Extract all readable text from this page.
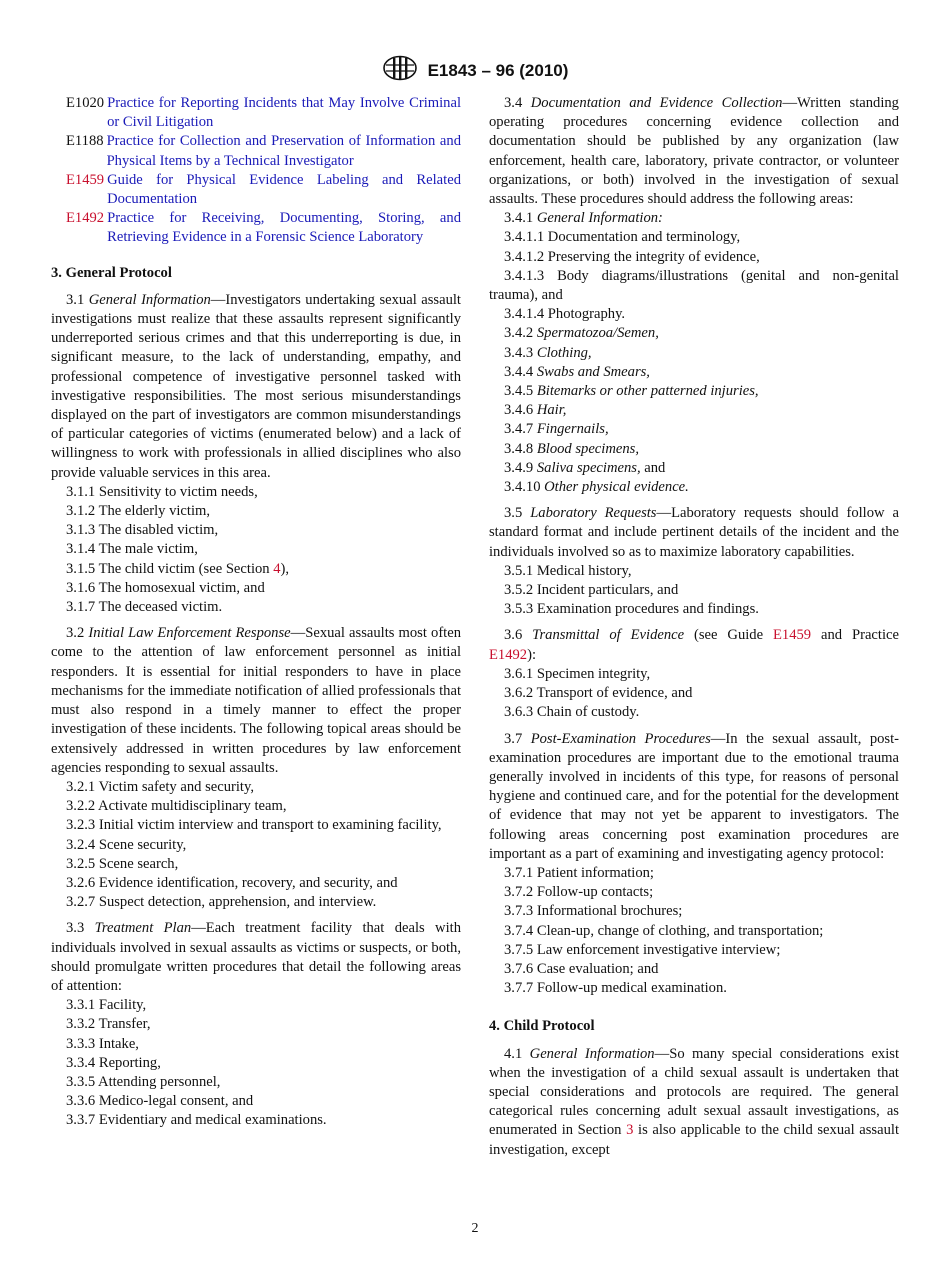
E1843 – 96 (2010)
E1020 Practice for Reporting Incidents that May Involve Criminal or Civil Litigation
E1188 Practice for Collection and Preservation of Information and Physical Items by a Technical Investigator
E1459 Guide for Physical Evidence Labeling and Related Documentation
E1492 Practice for Receiving, Documenting, Storing, and Retrieving Evidence in a Forensic Science Laboratory
3. General Protocol

3.1 General Information—Investigators undertaking sexual assault investigations must realize that these assaults represent significantly underreported serious crimes and that this underreporting is due, in significant measure, to the lack of understanding, empathy, and professional competence of investigative personnel tasked with investigative responsibilities. The most serious misunderstandings displayed on the part of investigators are common misunderstandings of particular categories of victims (enumerated below) and a lack of willingness to work with professionals in allied disciplines who also provide valuable services in this area.

3.1.1 Sensitivity to victim needs,
3.1.2 The elderly victim,
3.1.3 The disabled victim,
3.1.4 The male victim,
3.1.5 The child victim (see Section 4),
3.1.6 The homosexual victim, and
3.1.7 The deceased victim.

3.2 Initial Law Enforcement Response—Sexual assaults most often come to the attention of law enforcement personnel as initial responders. It is essential for initial responders to have in place mechanisms for the immediate notification of allied professionals that must also respond in a timely manner to effect the proper investigation of these incidents. The following topical areas should be extensively addressed in written procedures by law enforcement agencies responding to sexual assaults.

3.2.1 Victim safety and security,
3.2.2 Activate multidisciplinary team,
3.2.3 Initial victim interview and transport to examining facility,
3.2.4 Scene security,
3.2.5 Scene search,
3.2.6 Evidence identification, recovery, and security, and
3.2.7 Suspect detection, apprehension, and interview.

3.3 Treatment Plan—Each treatment facility that deals with individuals involved in sexual assaults as victims or suspects, or both, should promulgate written procedures that detail the following areas of attention:

3.3.1 Facility,
3.3.2 Transfer,
3.3.3 Intake,
3.3.4 Reporting,
3.3.5 Attending personnel,
3.3.6 Medico-legal consent, and
3.3.7 Evidentiary and medical examinations.

3.4 Documentation and Evidence Collection—Written standing operating procedures concerning evidence collection and documentation should be published by any organization (law enforcement, health care, laboratory, private contractor, or volunteer organizations, or both) involved in the investigation of sexual assaults. These procedures should address the following areas:

3.4.1 General Information:
3.4.1.1 Documentation and terminology,
3.4.1.2 Preserving the integrity of evidence,
3.4.1.3 Body diagrams/illustrations (genital and non-genital trauma), and
3.4.1.4 Photography.
3.4.2 Spermatozoa/Semen,
3.4.3 Clothing,
3.4.4 Swabs and Smears,
3.4.5 Bitemarks or other patterned injuries,
3.4.6 Hair,
3.4.7 Fingernails,
3.4.8 Blood specimens,
3.4.9 Saliva specimens, and
3.4.10 Other physical evidence.

3.5 Laboratory Requests—Laboratory requests should follow a standard format and include pertinent details of the incident and the individuals involved so as to maximize laboratory capabilities.

3.5.1 Medical history,
3.5.2 Incident particulars, and
3.5.3 Examination procedures and findings.

3.6 Transmittal of Evidence (see Guide E1459 and Practice E1492):

3.6.1 Specimen integrity,
3.6.2 Transport of evidence, and
3.6.3 Chain of custody.

3.7 Post-Examination Procedures—In the sexual assault, post-examination procedures are important due to the emotional trauma generally involved in incidents of this type, for reasons of personal hygiene and continued care, and for the potential for the development of evidence that may not yet be apparent to investigators. The following areas concerning post examination procedures are important as a part of examining and investigating agency protocol:

3.7.1 Patient information;
3.7.2 Follow-up contacts;
3.7.3 Informational brochures;
3.7.4 Clean-up, change of clothing, and transportation;
3.7.5 Law enforcement investigative interview;
3.7.6 Case evaluation; and
3.7.7 Follow-up medical examination.
4. Child Protocol

4.1 General Information—So many special considerations exist when the investigation of a child sexual assault is undertaken that special considerations and protocols are required. The general categorical rules concerning adult sexual assault investigations, as enumerated in Section 3 is also applicable to the child sexual assault investigation, except

2
